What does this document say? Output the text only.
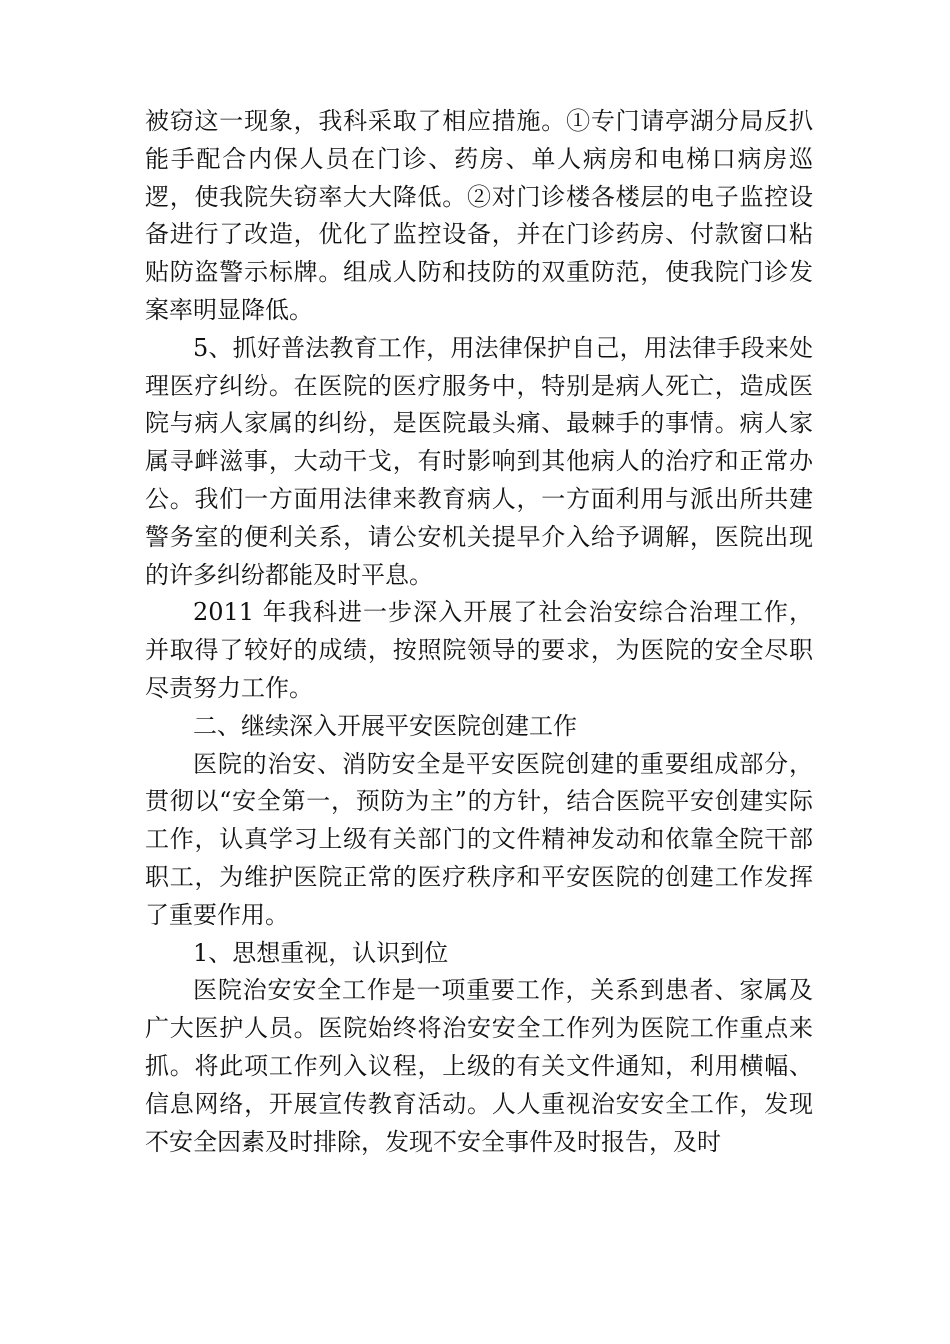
被窃这一现象，我科采取了相应措施。①专门请亭湖分局反扒能手配合内保人员在门诊、药房、单人病房和电梯口病房巡逻，使我院失窃率大大降低。②对门诊楼各楼层的电子监控设备进行了改造，优化了监控设备，并在门诊药房、付款窗口粘贴防盗警示标牌。组成人防和技防的双重防范，使我院门诊发案率明显降低。

5、抓好普法教育工作，用法律保护自己，用法律手段来处理医疗纠纷。在医院的医疗服务中，特别是病人死亡，造成医院与病人家属的纠纷，是医院最头痛、最棘手的事情。病人家属寻衅滋事，大动干戈，有时影响到其他病人的治疗和正常办公。我们一方面用法律来教育病人，一方面利用与派出所共建警务室的便利关系，请公安机关提早介入给予调解，医院出现的许多纠纷都能及时平息。

2011 年我科进一步深入开展了社会治安综合治理工作，并取得了较好的成绩，按照院领导的要求，为医院的安全尽职尽责努力工作。

二、继续深入开展平安医院创建工作

医院的治安、消防安全是平安医院创建的重要组成部分，贯彻以“安全第一，预防为主”的方针，结合医院平安创建实际工作，认真学习上级有关部门的文件精神发动和依靠全院干部职工，为维护医院正常的医疗秩序和平安医院的创建工作发挥了重要作用。

1、思想重视，认识到位

医院治安安全工作是一项重要工作，关系到患者、家属及广大医护人员。医院始终将治安安全工作列为医院工作重点来抓。将此项工作列入议程，上级的有关文件通知，利用横幅、信息网络，开展宣传教育活动。人人重视治安安全工作，发现不安全因素及时排除，发现不安全事件及时报告，及时
